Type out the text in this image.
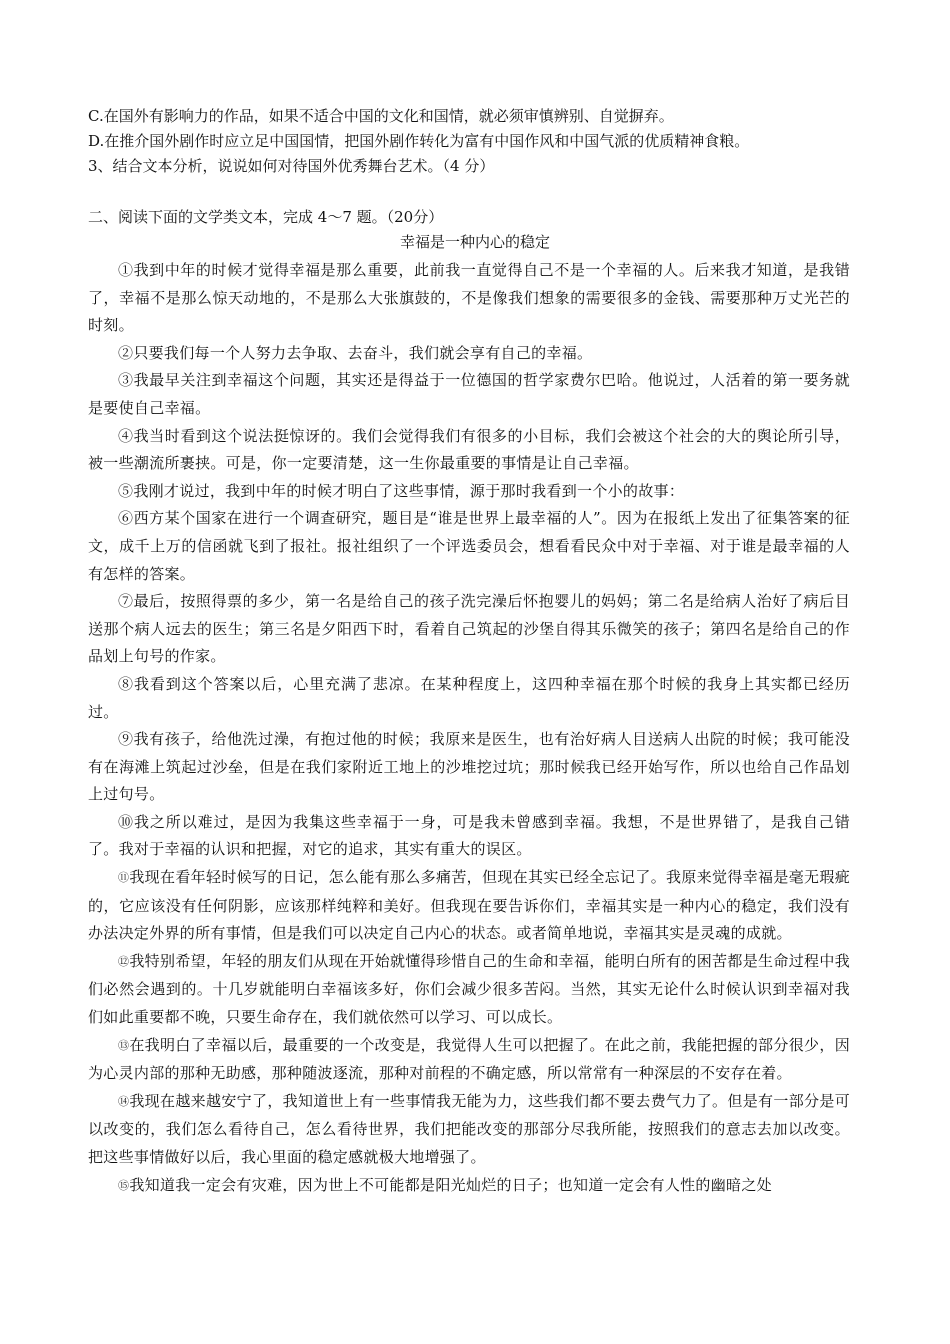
C.在国外有影响力的作品，如果不适合中国的文化和国情，就必须审慎辨别、自觉摒弃。
D.在推介国外剧作时应立足中国国情，把国外剧作转化为富有中国作风和中国气派的优质精神食粮。
3、结合文本分析，说说如何对待国外优秀舞台艺术。（4 分）
二、阅读下面的文学类文本，完成 4～7 题。（20分）
幸福是一种内心的稳定

①我到中年的时候才觉得幸福是那么重要，此前我一直觉得自己不是一个幸福的人。后来我才知道，是我错了，幸福不是那么惊天动地的，不是那么大张旗鼓的，不是像我们想象的需要很多的金钱、需要那种万丈光芒的时刻。

②只要我们每一个人努力去争取、去奋斗，我们就会享有自己的幸福。

③我最早关注到幸福这个问题，其实还是得益于一位德国的哲学家费尔巴哈。他说过，人活着的第一要务就是要使自己幸福。

④我当时看到这个说法挺惊讶的。我们会觉得我们有很多的小目标，我们会被这个社会的大的舆论所引导，被一些潮流所裹挟。可是，你一定要清楚，这一生你最重要的事情是让自己幸福。

⑤我刚才说过，我到中年的时候才明白了这些事情，源于那时我看到一个小的故事：

⑥西方某个国家在进行一个调查研究，题目是“谁是世界上最幸福的人”。因为在报纸上发出了征集答案的征文，成千上万的信函就飞到了报社。报社组织了一个评选委员会，想看看民众中对于幸福、对于谁是最幸福的人有怎样的答案。

⑦最后，按照得票的多少，第一名是给自己的孩子洗完澡后怀抱婴儿的妈妈；第二名是给病人治好了病后目送那个病人远去的医生；第三名是夕阳西下时，看着自己筑起的沙堡自得其乐微笑的孩子；第四名是给自己的作品划上句号的作家。

⑧我看到这个答案以后，心里充满了悲凉。在某种程度上，这四种幸福在那个时候的我身上其实都已经历过。

⑨我有孩子，给他洗过澡，有抱过他的时候；我原来是医生，也有治好病人目送病人出院的时候；我可能没有在海滩上筑起过沙垒，但是在我们家附近工地上的沙堆挖过坑；那时候我已经开始写作，所以也给自己作品划上过句号。

⑩我之所以难过，是因为我集这些幸福于一身，可是我未曾感到幸福。我想，不是世界错了，是我自己错了。我对于幸福的认识和把握，对它的追求，其实有重大的误区。

⑪我现在看年轻时候写的日记，怎么能有那么多痛苦，但现在其实已经全忘记了。我原来觉得幸福是毫无瑕疵的，它应该没有任何阴影，应该那样纯粹和美好。但我现在要告诉你们，幸福其实是一种内心的稳定，我们没有办法决定外界的所有事情，但是我们可以决定自己内心的状态。或者简单地说，幸福其实是灵魂的成就。

⑫我特别希望，年轻的朋友们从现在开始就懂得珍惜自己的生命和幸福，能明白所有的困苦都是生命过程中我们必然会遇到的。十几岁就能明白幸福该多好，你们会减少很多苦闷。当然，其实无论什么时候认识到幸福对我们如此重要都不晚，只要生命存在，我们就依然可以学习、可以成长。

⑬在我明白了幸福以后，最重要的一个改变是，我觉得人生可以把握了。在此之前，我能把握的部分很少，因为心灵内部的那种无助感，那种随波逐流，那种对前程的不确定感，所以常常有一种深层的不安存在着。

⑭我现在越来越安宁了，我知道世上有一些事情我无能为力，这些我们都不要去费气力了。但是有一部分是可以改变的，我们怎么看待自己，怎么看待世界，我们把能改变的那部分尽我所能，按照我们的意志去加以改变。把这些事情做好以后，我心里面的稳定感就极大地增强了。

⑮我知道我一定会有灾难，因为世上不可能都是阳光灿烂的日子；也知道一定会有人性的幽暗之处
